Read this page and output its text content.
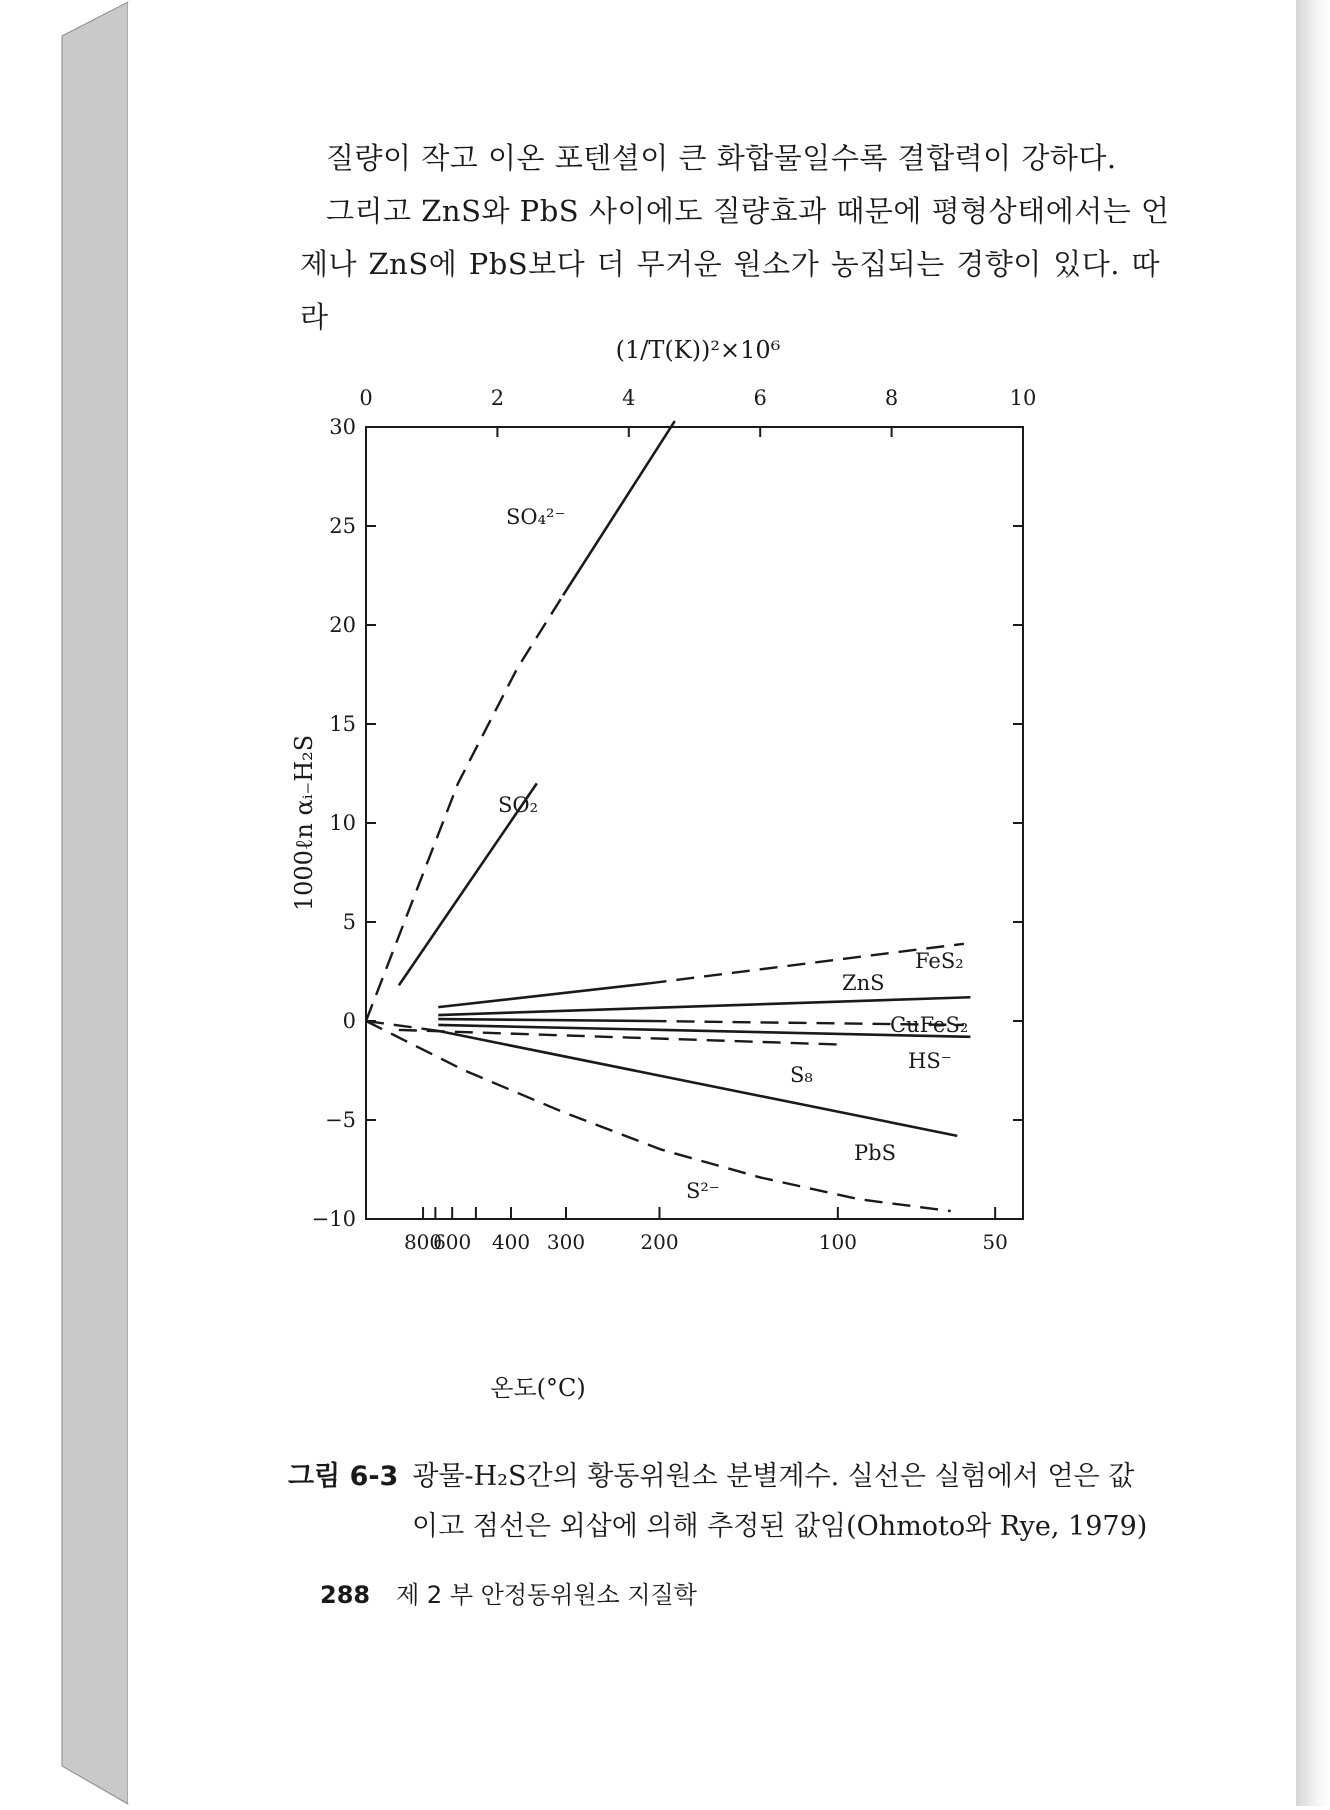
질량이 작고 이온 포텐셜이 큰 화합물일수록 결합력이 강하다.

그리고 ZnS와 PbS 사이에도 질량효과 때문에 평형상태에서는 언

제나 ZnS에 PbS보다 더 무거운 원소가 농집되는 경향이 있다. 따라

(1/T(K))²×10⁶
0	2	4	6	8	10
30
25
20
15
10
5
0
−5
−10
800
600 400 300	200	100	50
1000ℓn αᵢ₋H₂S
SO₄²⁻
SO₂
FeS₂
ZnS
CuFeS₂
HS⁻
S₈
PbS
S²⁻
온도(°C)
그림 6-3 광물-H₂S간의 황동위원소 분별계수. 실선은 실험에서 얻은 값
이고 점선은 외삽에 의해 추정된 값임(Ohmoto와 Rye, 1979)
288 제 2 부 안정동위원소 지질학
